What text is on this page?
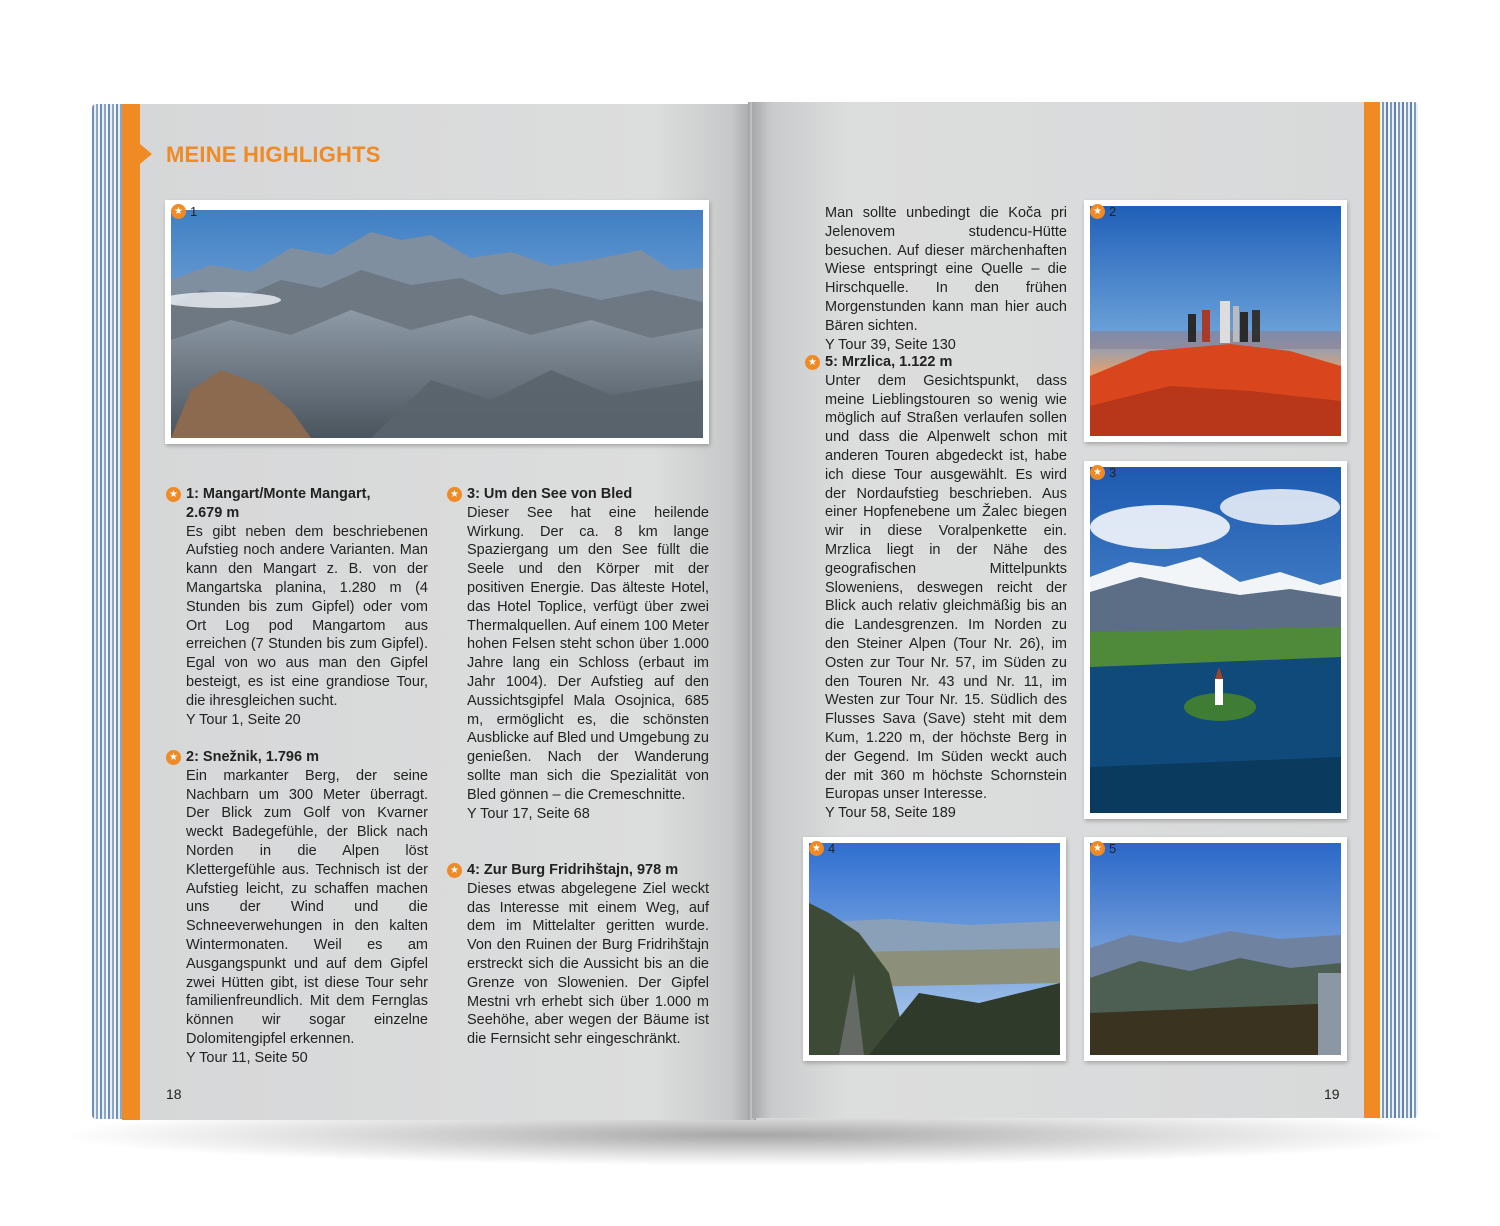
MEINE HIGHLIGHTS
★ 1
★ 1: Mangart/Monte Mangart, 2.679 m
Es gibt neben dem beschriebenen Aufstieg noch andere Varianten. Man kann den Mangart z. B. von der Mangartska planina, 1.280 m (4 Stunden bis zum Gipfel) oder vom Ort Log pod Mangartom aus erreichen (7 Stunden bis zum Gipfel). Egal von wo aus man den Gipfel besteigt, es ist eine grandiose Tour, die ihresgleichen sucht.
Y Tour 1, Seite 20
★ 2: Snežnik, 1.796 m
Ein markanter Berg, der seine Nachbarn um 300 Meter überragt. Der Blick zum Golf von Kvarner weckt Badegefühle, der Blick nach Norden in die Alpen löst Klettergefühle aus. Technisch ist der Aufstieg leicht, zu schaffen machen uns der Wind und die Schneeverwehungen in den kalten Wintermonaten. Weil es am Ausgangspunkt und auf dem Gipfel zwei Hütten gibt, ist diese Tour sehr familienfreundlich. Mit dem Fernglas können wir sogar einzelne Dolomitengipfel erkennen.
Y Tour 11, Seite 50
★ 3: Um den See von Bled
Dieser See hat eine heilende Wirkung. Der ca. 8 km lange Spaziergang um den See füllt die Seele und den Körper mit der positiven Energie. Das älteste Hotel, das Hotel Toplice, verfügt über zwei Thermalquellen. Auf einem 100 Meter hohen Felsen steht schon über 1.000 Jahre lang ein Schloss (erbaut im Jahr 1004). Der Aufstieg auf den Aussichtsgipfel Mala Osojnica, 685 m, ermöglicht es, die schönsten Ausblicke auf Bled und Umgebung zu genießen. Nach der Wanderung sollte man sich die Spezialität von Bled gönnen – die Cremeschnitte.
Y Tour 17, Seite 68
★ 4: Zur Burg Fridrihštajn, 978 m
Dieses etwas abgelegene Ziel weckt das Interesse mit einem Weg, auf dem im Mittelalter geritten wurde. Von den Ruinen der Burg Fridrihštajn erstreckt sich die Aussicht bis an die Grenze von Slowenien. Der Gipfel Mestni vrh erhebt sich über 1.000 m Seehöhe, aber wegen der Bäume ist die Fernsicht sehr eingeschränkt.
18
Man sollte unbedingt die Koča pri Jelenovem studencu-Hütte besuchen. Auf dieser märchenhaften Wiese entspringt eine Quelle – die Hirschquelle. In den frühen Morgenstunden kann man hier auch Bären sichten.
Y Tour 39, Seite 130
★ 5: Mrzlica, 1.122 m
Unter dem Gesichtspunkt, dass meine Lieblingstouren so wenig wie möglich auf Straßen verlaufen sollen und dass die Alpenwelt schon mit anderen Touren abgedeckt ist, habe ich diese Tour ausgewählt. Es wird der Nordaufstieg beschrieben. Aus einer Hopfenebene um Žalec biegen wir in diese Voralpenkette ein. Mrzlica liegt in der Nähe des geografischen Mittelpunkts Sloweniens, deswegen reicht der Blick auch relativ gleichmäßig bis an die Landesgrenzen. Im Norden zu den Steiner Alpen (Tour Nr. 26), im Osten zur Tour Nr. 57, im Süden zu den Touren Nr. 43 und Nr. 11, im Westen zur Tour Nr. 15. Südlich des Flusses Sava (Save) steht mit dem Kum, 1.220 m, der höchste Berg in der Gegend. Im Süden weckt auch der mit 360 m höchste Schornstein Europas unser Interesse.
Y Tour 58, Seite 189
★ 2
★ 3
★ 4	★ 5
19
